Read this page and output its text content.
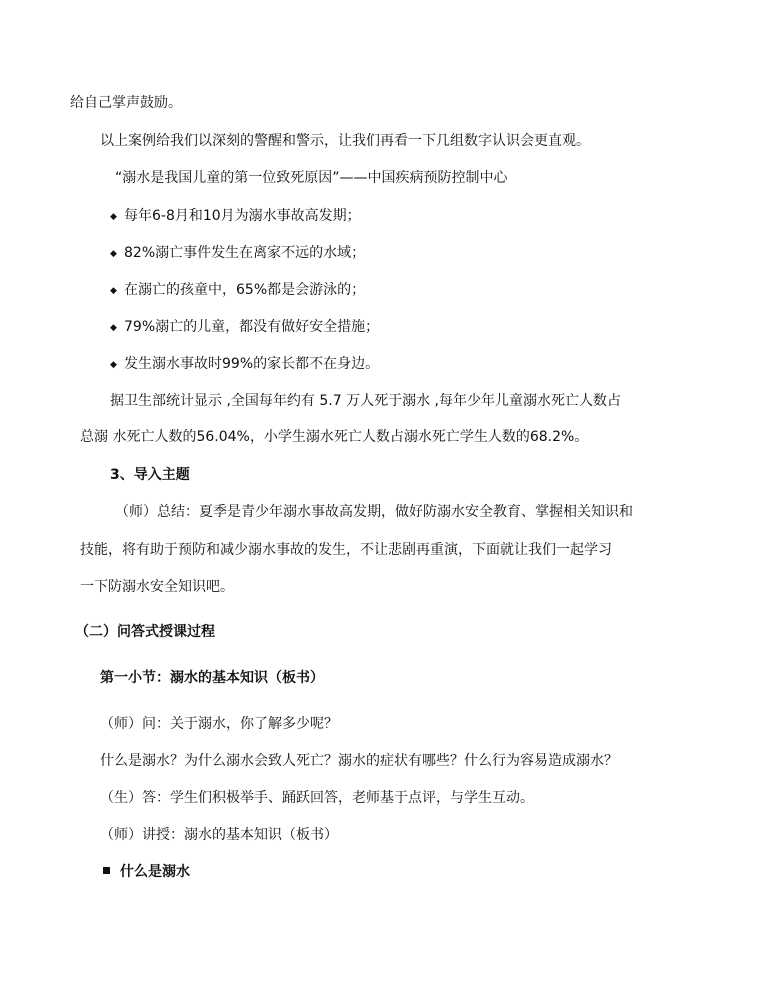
给自己掌声鼓励。
以上案例给我们以深刻的警醒和警示，让我们再看一下几组数字认识会更直观。
“溺水是我国儿童的第一位致死原因”——中国疾病预防控制中心
◆ 每年6-8月和10月为溺水事故高发期；
◆ 82%溺亡事件发生在离家不远的水域；
◆ 在溺亡的孩童中，65%都是会游泳的；
◆ 79%溺亡的儿童，都没有做好安全措施；
◆ 发生溺水事故时99%的家长都不在身边。
据卫生部统计显示 ,全国每年约有 5.7 万人死于溺水 ,每年少年儿童溺水死亡人数占
总溺 水死亡人数的56.04%，小学生溺水死亡人数占溺水死亡学生人数的68.2%。
3、导入主题
（师）总结：夏季是青少年溺水事故高发期，做好防溺水安全教育、掌握相关知识和
技能，将有助于预防和减少溺水事故的发生，不让悲剧再重演，下面就让我们一起学习
一下防溺水安全知识吧。
（二）问答式授课过程
第一小节：溺水的基本知识（板书）
（师）问：关于溺水，你了解多少呢？
什么是溺水？为什么溺水会致人死亡？溺水的症状有哪些？什么行为容易造成溺水？
（生）答：学生们积极举手、踊跃回答，老师基于点评，与学生互动。
（师）讲授：溺水的基本知识（板书）
什么是溺水
